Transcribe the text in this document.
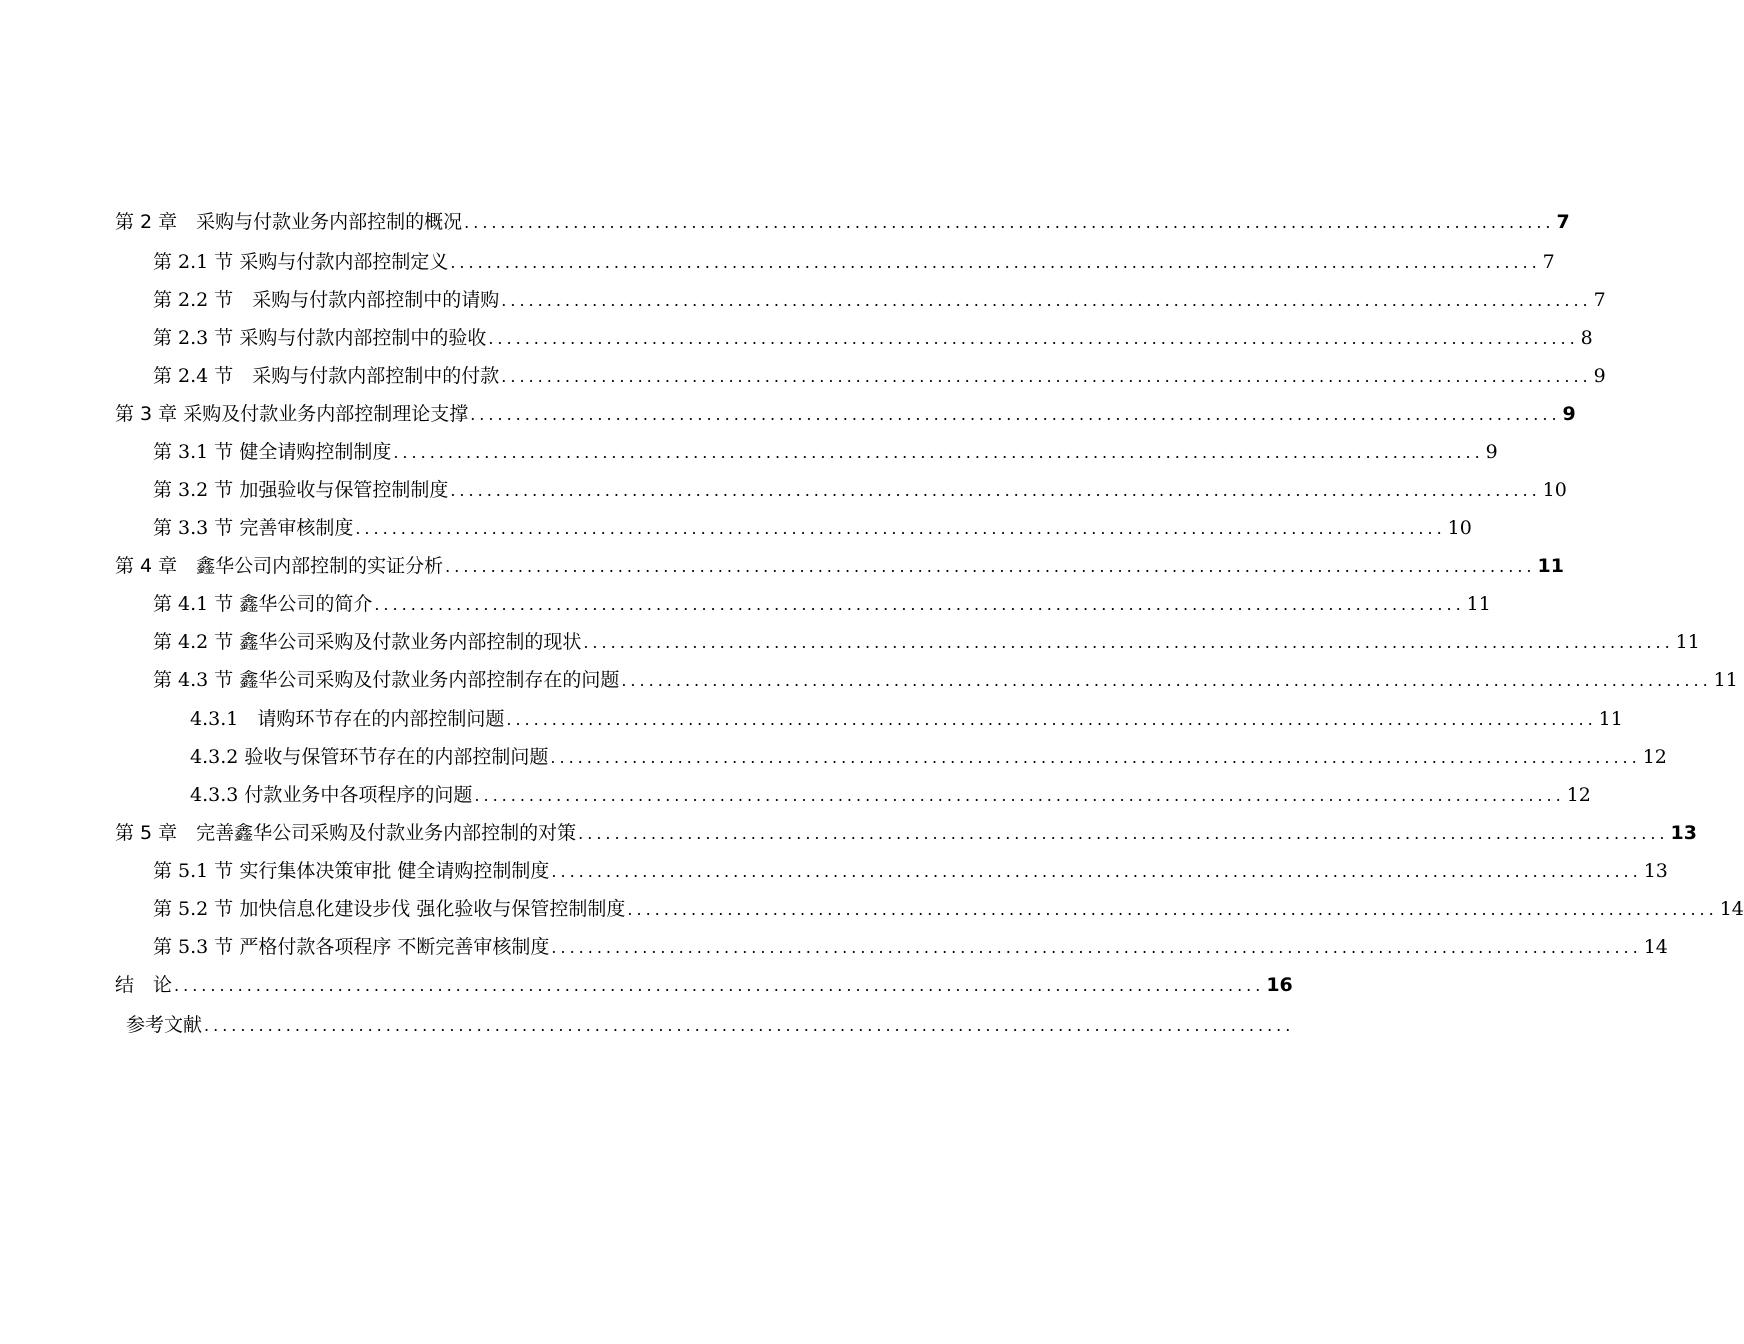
第 2 章　采购与付款业务内部控制的概况 ........................................................................................................................ 7
第 2.1 节 采购与付款内部控制定义 ........................................................................................................................ 7
第 2.2 节　采购与付款内部控制中的请购 ........................................................................................................................ 7
第 2.3 节 采购与付款内部控制中的验收 ........................................................................................................................ 8
第 2.4 节　采购与付款内部控制中的付款 ........................................................................................................................ 9
第 3 章 采购及付款业务内部控制理论支撑 ........................................................................................................................ 9
第 3.1 节 健全请购控制制度 ........................................................................................................................ 9
第 3.2 节 加强验收与保管控制制度 ........................................................................................................................ 10
第 3.3 节 完善审核制度 ........................................................................................................................ 10
第 4 章　鑫华公司内部控制的实证分析 ........................................................................................................................ 11
第 4.1 节 鑫华公司的简介 ........................................................................................................................ 11
第 4.2 节 鑫华公司采购及付款业务内部控制的现状 ........................................................................................................................ 11
第 4.3 节 鑫华公司采购及付款业务内部控制存在的问题 ........................................................................................................................ 11
4.3.1　请购环节存在的内部控制问题 ........................................................................................................................ 11
4.3.2 验收与保管环节存在的内部控制问题 ........................................................................................................................ 12
4.3.3 付款业务中各项程序的问题 ........................................................................................................................ 12
第 5 章　完善鑫华公司采购及付款业务内部控制的对策 ........................................................................................................................ 13
第 5.1 节 实行集体决策审批 健全请购控制制度 ........................................................................................................................ 13
第 5.2 节 加快信息化建设步伐 强化验收与保管控制制度 ........................................................................................................................ 14
第 5.3 节 严格付款各项程序 不断完善审核制度 ........................................................................................................................ 14
结　论 ........................................................................................................................ 16
参考文献 ........................................................................................................................
